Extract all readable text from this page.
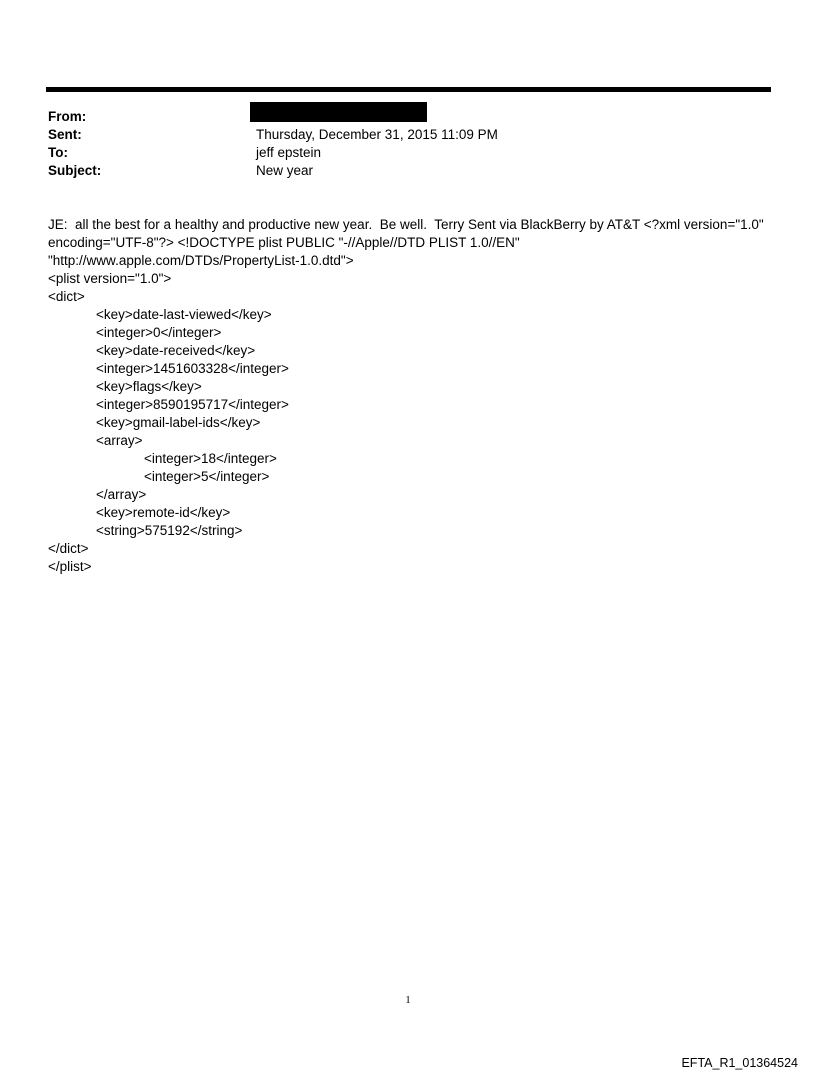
From:
Sent:	Thursday, December 31, 2015 11:09 PM
To:	jeff epstein
Subject:	New year
JE:  all the best for a healthy and productive new year.  Be well.  Terry Sent via BlackBerry by AT&T <?xml version="1.0"
encoding="UTF-8"?> <!DOCTYPE plist PUBLIC "-//Apple//DTD PLIST 1.0//EN"
"http://www.apple.com/DTDs/PropertyList-1.0.dtd">
<plist version="1.0">
<dict>
<key>date-last-viewed</key>
<integer>0</integer>
<key>date-received</key>
<integer>1451603328</integer>
<key>flags</key>
<integer>8590195717</integer>
<key>gmail-label-ids</key>
<array>
<integer>18</integer>
<integer>5</integer>
</array>
<key>remote-id</key>
<string>575192</string>
</dict>
</plist>
1
EFTA_R1_01364524
